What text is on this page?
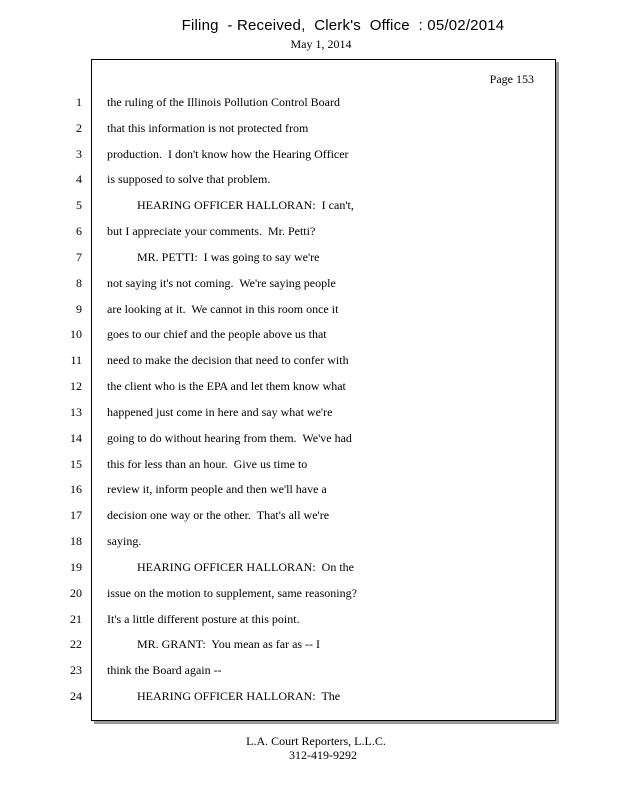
Filing  - Received,  Clerk's  Office  : 05/02/2014
May 1, 2014
Page 153
1 the ruling of the Illinois Pollution Control Board
2 that this information is not protected from
3 production.  I don't know how the Hearing Officer
4 is supposed to solve that problem.
5 HEARING OFFICER HALLORAN:  I can't,
6 but I appreciate your comments.  Mr. Petti?
7 MR. PETTI:  I was going to say we're
8 not saying it's not coming.  We're saying people
9 are looking at it.  We cannot in this room once it
10 goes to our chief and the people above us that
11 need to make the decision that need to confer with
12 the client who is the EPA and let them know what
13 happened just come in here and say what we're
14 going to do without hearing from them.  We've had
15 this for less than an hour.  Give us time to
16 review it, inform people and then we'll have a
17 decision one way or the other.  That's all we're
18 saying.
19 HEARING OFFICER HALLORAN:  On the
20 issue on the motion to supplement, same reasoning?
21 It's a little different posture at this point.
22 MR. GRANT:  You mean as far as -- I
23 think the Board again --
24 HEARING OFFICER HALLORAN:  The
L.A. Court Reporters, L.L.C.
312-419-9292
